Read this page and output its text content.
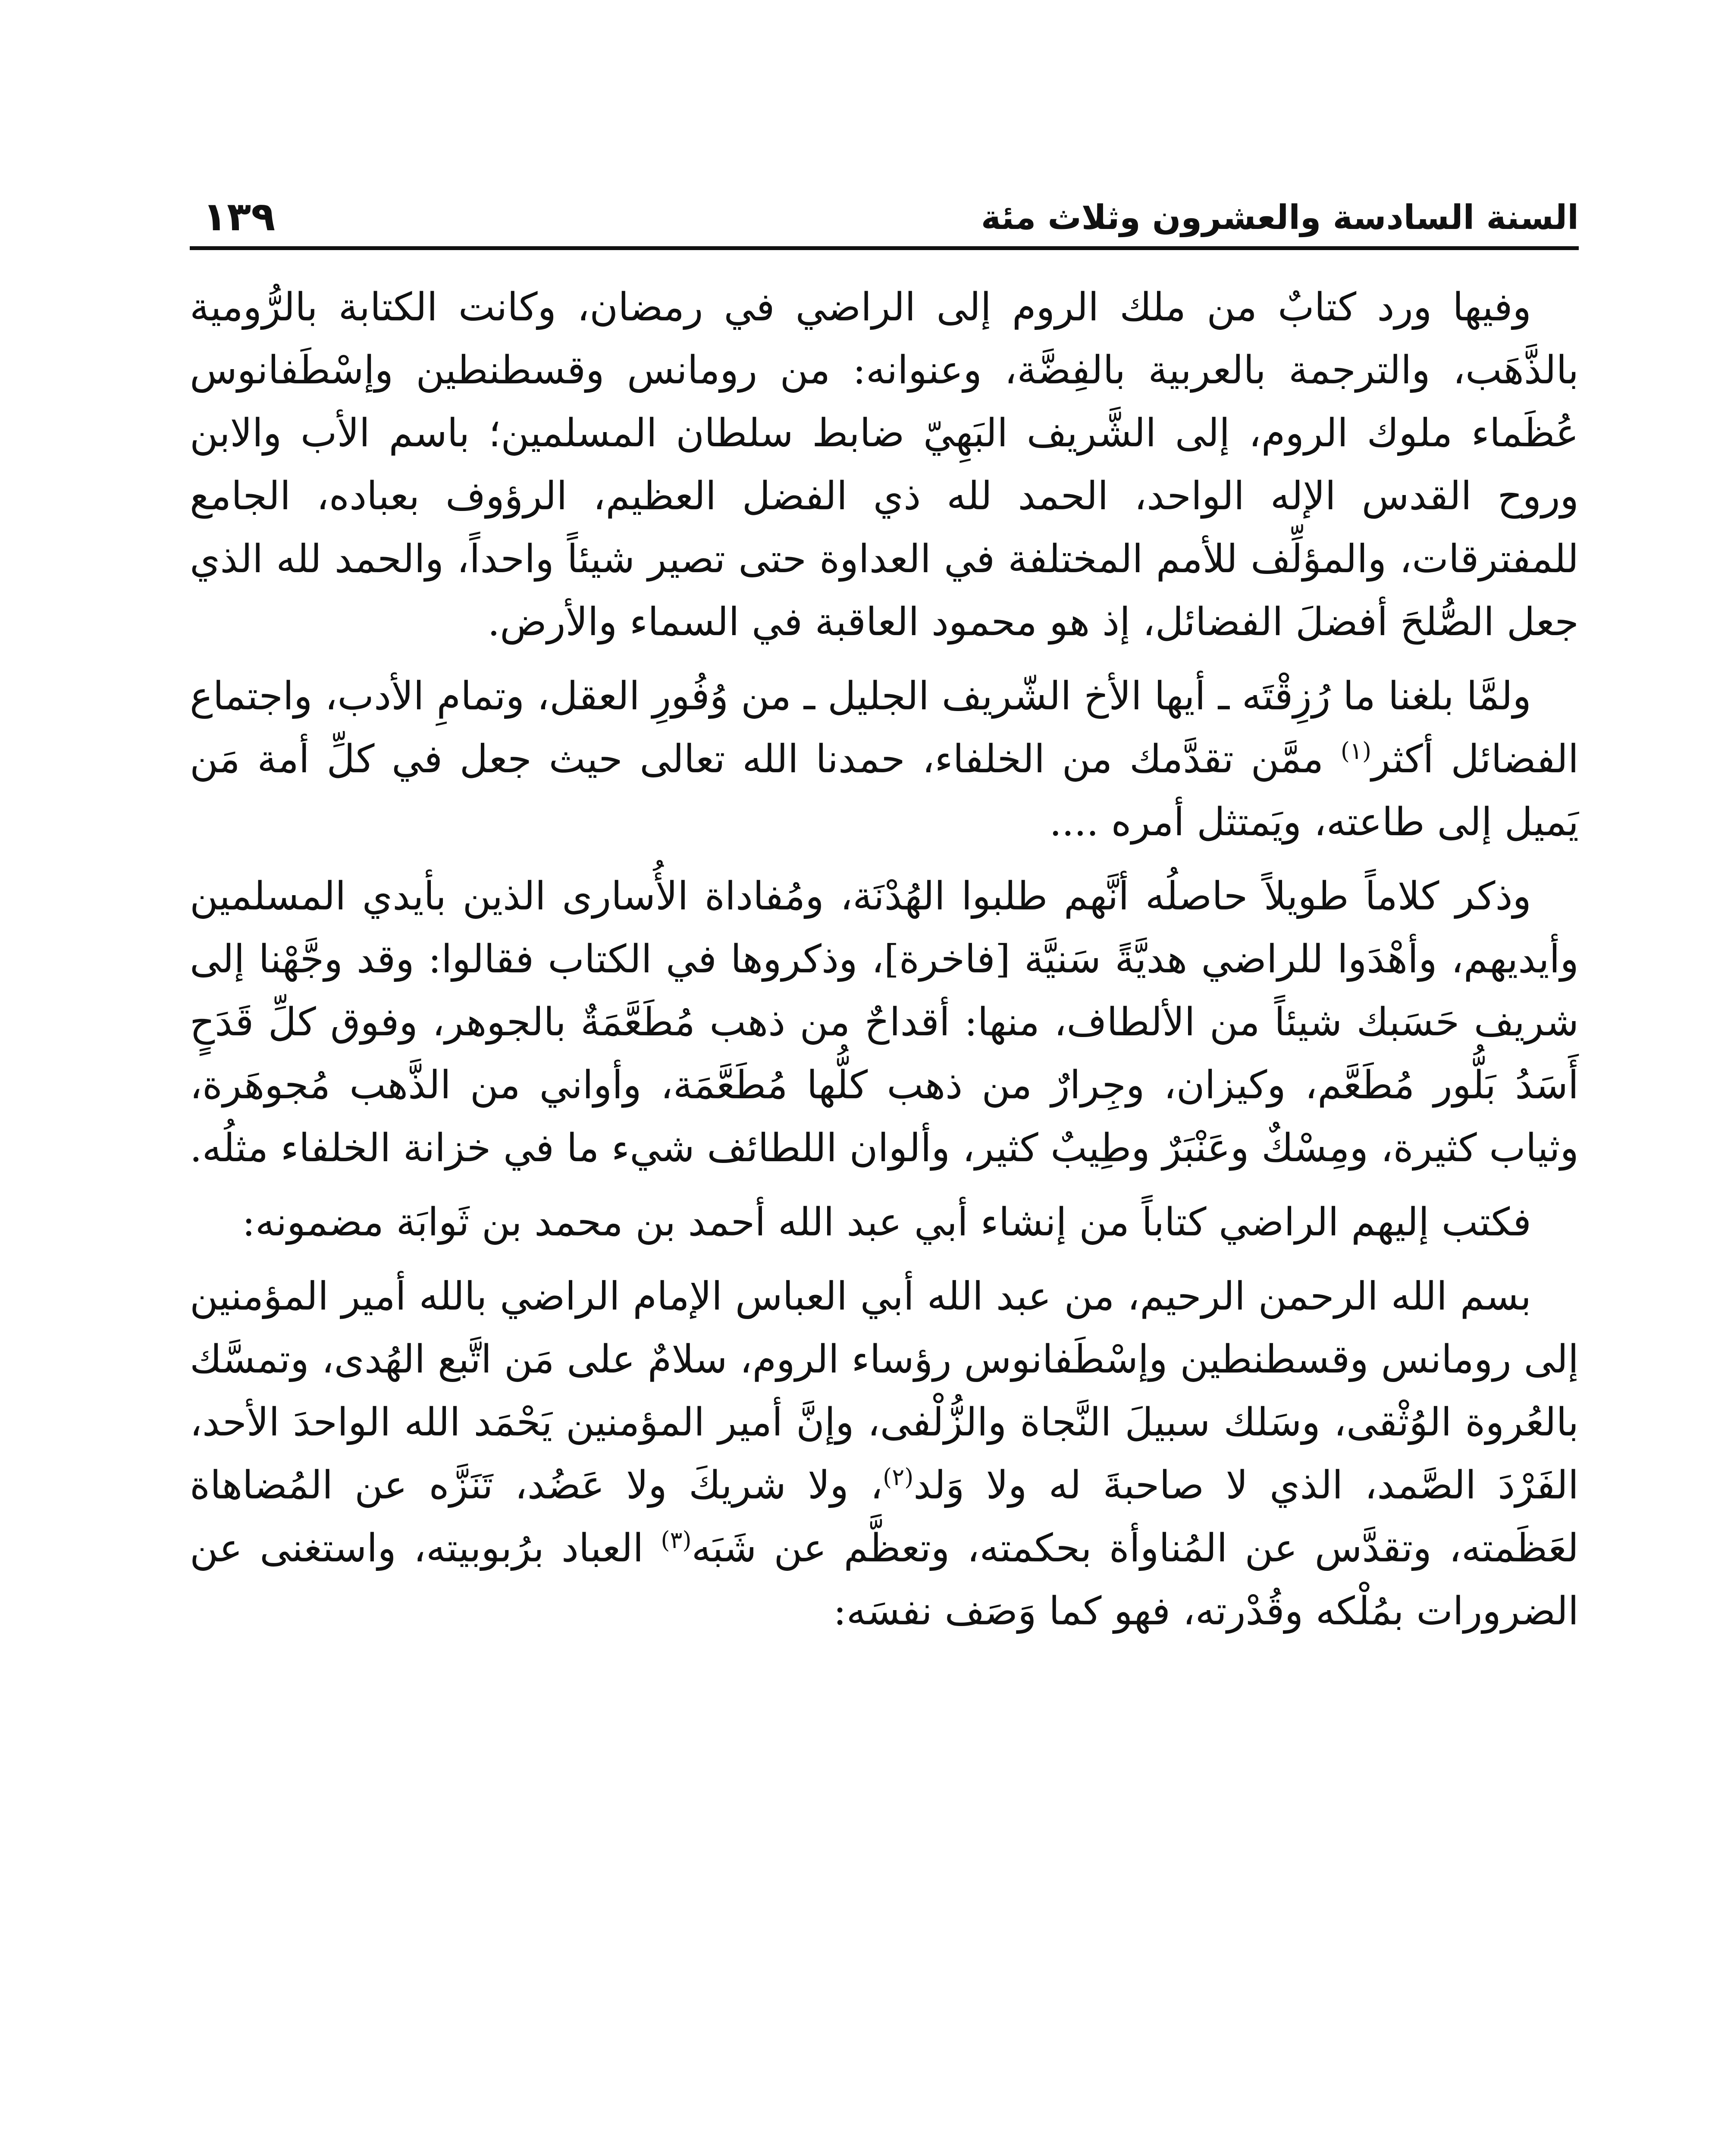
السنة السادسة والعشرون وثلاث مئة
١٣٩

وفيها ورد كتابٌ من ملك الروم إلى الراضي في رمضان، وكانت الكتابة بالرُّومية بالذَّهَب، والترجمة بالعربية بالفِضَّة، وعنوانه: من رومانس وقسطنطين وإسْطَفانوس عُظَماء ملوك الروم، إلى الشَّريف البَهِيّ ضابط سلطان المسلمين؛ باسم الأب والابن وروح القدس الإله الواحد، الحمد لله ذي الفضل العظيم، الرؤوف بعباده، الجامع للمفترقات، والمؤلِّف للأمم المختلفة في العداوة حتى تصير شيئاً واحداً، والحمد لله الذي جعل الصُّلحَ أفضلَ الفضائل، إذ هو محمود العاقبة في السماء والأرض.

ولمَّا بلغنا ما رُزِقْتَه ـ أيها الأخ الشّريف الجليل ـ من وُفُورِ العقل، وتمامِ الأدب، واجتماع الفضائل أكثر$^{(١)}$ ممَّن تقدَّمك من الخلفاء، حمدنا الله تعالى حيث جعل في كلِّ أمة مَن يَميل إلى طاعته، ويَمتثل أمره ....

وذكر كلاماً طويلاً حاصلُه أنَّهم طلبوا الهُدْنَة، ومُفاداة الأُسارى الذين بأيدي المسلمين وأيديهم، وأهْدَوا للراضي هديَّةً سَنيَّة [فاخرة]، وذكروها في الكتاب فقالوا: وقد وجَّهْنا إلى شريف حَسَبك شيئاً من الألطاف، منها: أقداحٌ من ذهب مُطَعَّمَةٌ بالجوهر، وفوق كلِّ قَدَحٍ أَسَدُ بَلُّور مُطَعَّم، وكيزان، وجِرارٌ من ذهب كلُّها مُطَعَّمَة، وأواني من الذَّهب مُجوهَرة، وثياب كثيرة، ومِسْكٌ وعَنْبَرٌ وطِيبٌ كثير، وألوان اللطائف شيء ما في خزانة الخلفاء مثلُه.

فكتب إليهم الراضي كتاباً من إنشاء أبي عبد الله أحمد بن محمد بن ثَوابَة مضمونه:

بسم الله الرحمن الرحيم، من عبد الله أبي العباس الإمام الراضي بالله أمير المؤمنين إلى رومانس وقسطنطين وإسْطَفانوس رؤساء الروم، سلامٌ على مَن اتَّبع الهُدى، وتمسَّك بالعُروة الوُثْقى، وسَلك سبيلَ النَّجاة والزُّلْفى، وإنَّ أمير المؤمنين يَحْمَد الله الواحدَ الأحد، الفَرْدَ الصَّمد، الذي لا صاحبةَ له ولا وَلد$^{(٢)}$، ولا شريكَ ولا عَضُد، تَنَزَّه عن المُضاهاة لعَظَمته، وتقدَّس عن المُناوأة بحكمته، وتعظَّم عن شَبَه$^{(٣)}$ العباد برُبوبيته، واستغنى عن الضرورات بمُلْكه وقُدْرته، فهو كما وَصَف نفسَه:
